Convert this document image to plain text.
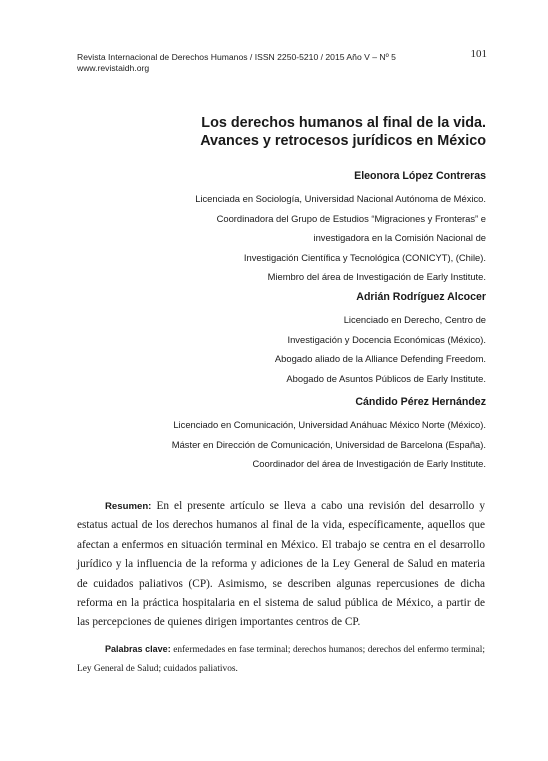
Revista Internacional de Derechos Humanos / ISSN 2250-5210 / 2015 Año V – Nº 5
www.revistaidh.org
101
Los derechos humanos al final de la vida.
Avances y retrocesos jurídicos en México
Eleonora López Contreras
Licenciada en Sociología, Universidad Nacional Autónoma de México.
Coordinadora del Grupo de Estudios “Migraciones y Fronteras” e
investigadora en la Comisión Nacional de
Investigación Científica y Tecnológica (CONICYT), (Chile).
Miembro del área de Investigación de Early Institute.
Adrián Rodríguez Alcocer
Licenciado en Derecho, Centro de
Investigación y Docencia Económicas (México).
Abogado aliado de la Alliance Defending Freedom.
Abogado de Asuntos Públicos de Early Institute.
Cándido Pérez Hernández
Licenciado en Comunicación, Universidad Anáhuac México Norte (México).
Máster en Dirección de Comunicación, Universidad de Barcelona (España).
Coordinador del área de Investigación de Early Institute.
Resumen: En el presente artículo se lleva a cabo una revisión del desarrollo y estatus actual de los derechos humanos al final de la vida, específicamente, aquellos que afectan a enfermos en situación terminal en México. El trabajo se centra en el desarrollo jurídico y la influencia de la reforma y adiciones de la Ley General de Salud en materia de cuidados paliativos (CP). Asimismo, se describen algunas repercusiones de dicha reforma en la práctica hospitalaria en el sistema de salud pública de México, a partir de las percepciones de quienes dirigen importantes centros de CP.
Palabras clave: enfermedades en fase terminal; derechos humanos; derechos del enfermo terminal; Ley General de Salud; cuidados paliativos.
